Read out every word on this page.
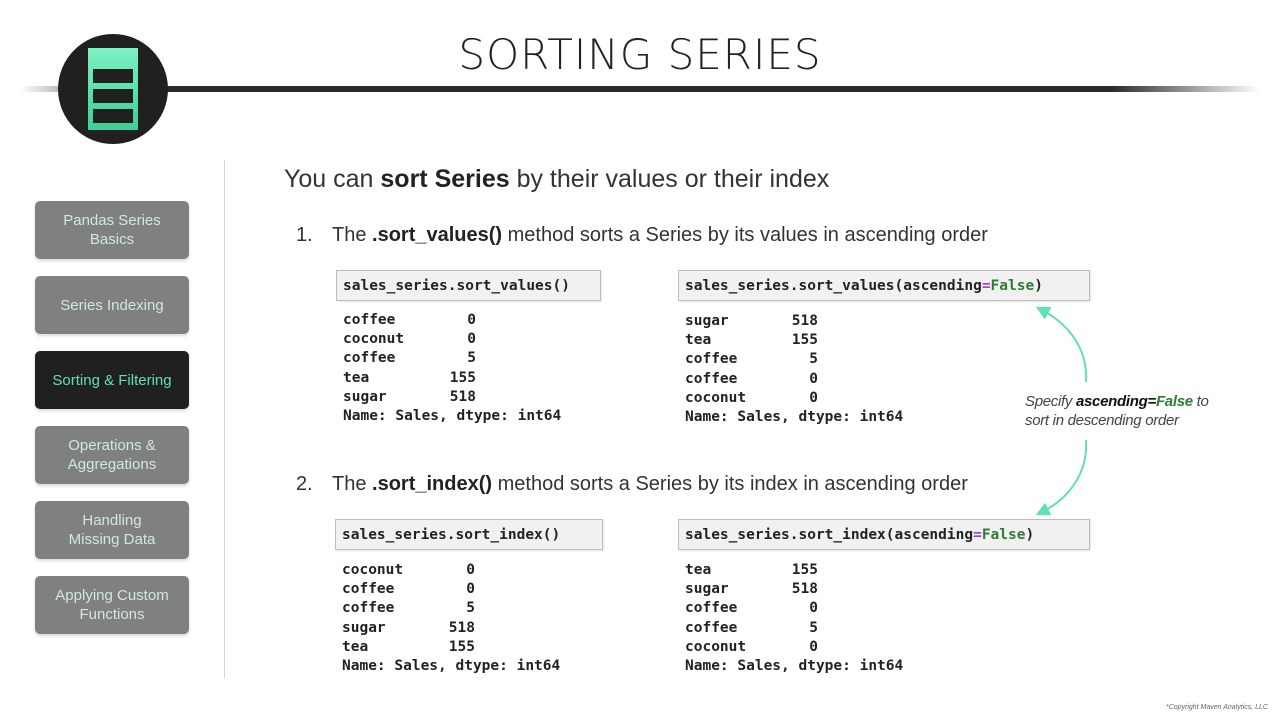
SORTING SERIES
Pandas Series
Basics
Series Indexing
Sorting & Filtering
Operations &
Aggregations
Handling
Missing Data
Applying Custom
Functions
You can sort Series by their values or their index
1. The .sort_values() method sorts a Series by its values in ascending order
sales_series.sort_values()
coffee	0
coconut	0
coffee	5
tea	155
sugar	518
Name: Sales, dtype: int64
sales_series.sort_values(ascending=False)
sugar	518
tea	155
coffee	5
coffee	0
coconut	0
Name: Sales, dtype: int64
Specify ascending=False to
sort in descending order
2. The .sort_index() method sorts a Series by its index in ascending order
sales_series.sort_index()
coconut	0
coffee	0
coffee	5
sugar	518
tea	155
Name: Sales, dtype: int64
sales_series.sort_index(ascending=False)
tea	155
sugar	518
coffee	0
coffee	5
coconut	0
Name: Sales, dtype: int64
*Copyright Maven Analytics, LLC
